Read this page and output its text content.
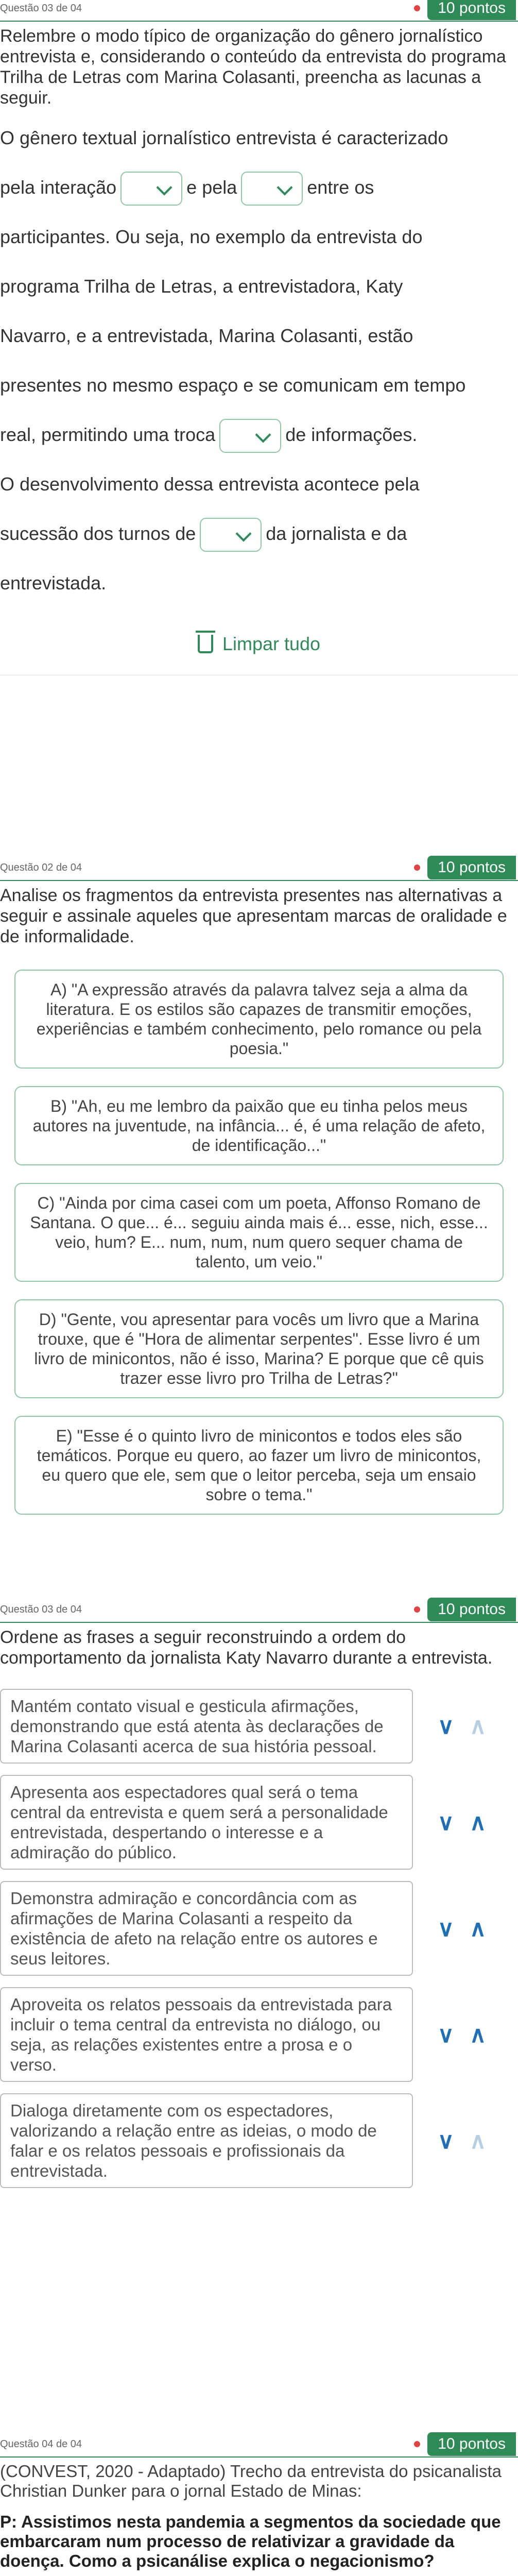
Questão 03 de 04	10 pontos
Relembre o modo típico de organização do gênero jornalístico entrevista e, considerando o conteúdo da entrevista do programa Trilha de Letras com Marina Colasanti, preencha as lacunas a seguir.
O gênero textual jornalístico entrevista é caracterizado
pela interação	e pela	entre os
participantes. Ou seja, no exemplo da entrevista do
programa Trilha de Letras, a entrevistadora, Katy
Navarro, e a entrevistada, Marina Colasanti, estão
presentes no mesmo espaço e se comunicam em tempo
real, permitindo uma troca	de informações.
O desenvolvimento dessa entrevista acontece pela
sucessão dos turnos de	da jornalista e da
entrevistada.
Limpar tudo
Questão 02 de 04	10 pontos
Analise os fragmentos da entrevista presentes nas alternativas a seguir e assinale aqueles que apresentam marcas de oralidade e de informalidade.
A) "A expressão através da palavra talvez seja a alma da literatura. E os estilos são capazes de transmitir emoções, experiências e também conhecimento, pelo romance ou pela poesia."
B) "Ah, eu me lembro da paixão que eu tinha pelos meus autores na juventude, na infância... é, é uma relação de afeto, de identificação..."
C) "Ainda por cima casei com um poeta, Affonso Romano de Santana. O que... é... seguiu ainda mais é... esse, nich, esse... veio, hum? E... num, num, num quero sequer chama de talento, um veio."
D) "Gente, vou apresentar para vocês um livro que a Marina trouxe, que é "Hora de alimentar serpentes". Esse livro é um livro de minicontos, não é isso, Marina? E porque que cê quis trazer esse livro pro Trilha de Letras?"
E) "Esse é o quinto livro de minicontos e todos eles são temáticos. Porque eu quero, ao fazer um livro de minicontos, eu quero que ele, sem que o leitor perceba, seja um ensaio sobre o tema."
Questão 03 de 04	10 pontos
Ordene as frases a seguir reconstruindo a ordem do comportamento da jornalista Katy Navarro durante a entrevista.
Mantém contato visual e gesticula afirmações, demonstrando que está atenta às declarações de Marina Colasanti acerca de sua história pessoal.
∨ ∧
Apresenta aos espectadores qual será o tema central da entrevista e quem será a personalidade entrevistada, despertando o interesse e a admiração do público.
∨ ∧
Demonstra admiração e concordância com as afirmações de Marina Colasanti a respeito da existência de afeto na relação entre os autores e seus leitores.
∨ ∧
Aproveita os relatos pessoais da entrevistada para incluir o tema central da entrevista no diálogo, ou seja, as relações existentes entre a prosa e o verso.
∨ ∧
Dialoga diretamente com os espectadores, valorizando a relação entre as ideias, o modo de falar e os relatos pessoais e profissionais da entrevistada.
∨ ∧
Questão 04 de 04	10 pontos
(CONVEST, 2020 - Adaptado) Trecho da entrevista do psicanalista Christian Dunker para o jornal Estado de Minas:
P: Assistimos nesta pandemia a segmentos da sociedade que embarcaram num processo de relativizar a gravidade da doença. Como a psicanálise explica o negacionismo?
